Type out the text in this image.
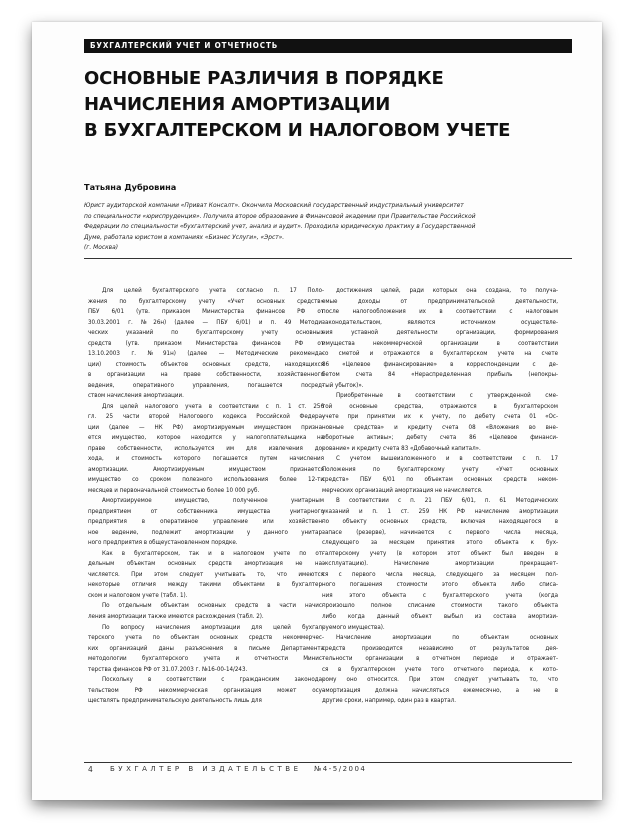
БУХГАЛТЕРСКИЙ УЧЕТ И ОТЧЕТНОСТЬ
ОСНОВНЫЕ РАЗЛИЧИЯ В ПОРЯДКЕ
НАЧИСЛЕНИЯ АМОРТИЗАЦИИ
В БУХГАЛТЕРСКОМ И НАЛОГОВОМ УЧЕТЕ
Татьяна Дубровина
Юрист аудиторской компании «Приват Консалт». Окончила Московский государственный индустриальный университет
по специальности «юриспруденция». Получила второе образование в Финансовой академии при Правительстве Российской
Федерации по специальности «бухгалтерский учет, анализ и аудит». Проходила юридическую практику в Государственной
Думе, работала юристом в компаниях «Бизнес Услуги», «Эрст».
(г. Москва)

Для целей бухгалтерского учета согласно п. 17 Поло-
жения по бухгалтерскому учету «Учет основных средств»
ПБУ 6/01 (утв. приказом Министерства финансов РФ от
30.03.2001 г. №26н) (далее — ПБУ 6/01) и п. 49 Методи-
ческих указаний по бухгалтерскому учету основных
средств (утв. приказом Министерства финансов РФ от
13.10.2003 г. №91н) (далее — Методические рекоменда-
ции) стоимость объектов основных средств, находящихся
в организации на праве собственности, хозяйственного
ведения, оперативного управления, погашается посред-
ством начисления амортизации.

Для целей налогового учета в соответствии с п. 1 ст. 256
гл. 25 части второй Налогового кодекса Российской Федера-
ции (далее — НК РФ) амортизируемым имуществом призна-
ется имущество, которое находится у налогоплательщика на
праве собственности, используется им для извлечения до-
хода, и стоимость которого погашается путем начисления
амортизации. Амортизируемым имуществом признается
имущество со сроком полезного использования более 12-ти
месяцев и первоначальной стоимостью более 10 000 руб.

Амортизируемое имущество, полученное унитарным
предприятием от собственника имущества унитарного
предприятия в оперативное управление или хозяйствен-
ное ведение, подлежит амортизации у данного унитар-
ного предприятия в общеустановленном порядке.

Как в бухгалтерском, так и в налоговом учете по от-
дельным объектам основных средств амортизация не на-
числяется. При этом следует учитывать то, что имеются
некоторые отличия между такими объектами в бухгалтер-
ском и налоговом учете (табл. 1).

По отдельным объектам основных средств в части начис-
ления амортизации также имеются расхождения (табл. 2).

По вопросу начисления амортизации для целей бухгал-
терского учета по объектам основных средств некоммерчес-
ких организаций даны разъяснения в письме Департамента
методологии бухгалтерского учета и отчетности Минис-
терства финансов РФ от 31.07.2003 г. №16-00-14/243.

Поскольку в соответствии с гражданским законода-
тельством РФ некоммерческая организация может осу-
ществлять предпринимательскую деятельность лишь для

достижения целей, ради которых она создана, то получа-
емые доходы от предпринимательской деятельности,
после налогообложения их в соответствии с налоговым
законодательством, являются источником осуществле-
ния уставной деятельности организации, формирования
имущества некоммерческой организации в соответствии
со сметой и отражаются в бухгалтерском учете на счете
86 «Целевое финансирование» в корреспонденции с де-
бетом счета 84 «Нераспределенная прибыль (непокры-
тый убыток)».

Приобретенные в соответствии с утвержденной сме-
той основные средства, отражаются в бухгалтерском
учете при принятии их к учету, по дебету счета 01 «Ос-
новные средства» и кредиту счета 08 «Вложения во вне-
оборотные активы»; дебету счета 86 «Целевое финанси-
рование» и кредиту счета 83 «Добавочный капитал».

С учетом вышеизложенного и в соответствии с п. 17
Положения по бухгалтерскому учету «Учет основных
средств» ПБУ 6/01 по объектам основных средств неком-
мерческих организаций амортизация не начисляется.

В соответствии с п. 21 ПБУ 6/01, п. 61 Методических
указаний и п. 1 ст. 259 НК РФ начисление амортизации
по объекту основных средств, включая находящегося в
запасе (резерве), начинается с первого числа месяца,
следующего за месяцем принятия этого объекта к бух-
галтерскому учету (в котором этот объект был введен в
эксплуатацию). Начисление амортизации прекращает-
ся с первого числа месяца, следующего за месяцем пол-
ного погашения стоимости этого объекта либо списа-
ния этого объекта с бухгалтерского учета (когда
произошло полное списание стоимости такого объекта
либо когда данный объект выбыл из состава амортизи-
руемого имущества).

Начисление амортизации по объектам основных
средств производится независимо от результатов дея-
тельности организации в отчетном периоде и отражает-
ся в бухгалтерском учете того отчетного периода, к кото-
рому оно относится. При этом следует учитывать то, что
амортизация должна начисляться ежемесячно, а не в
другие сроки, например, один раз в квартал.

4 БУХГАЛТЕР В ИЗДАТЕЛЬСТВЕ №4-5/2004
